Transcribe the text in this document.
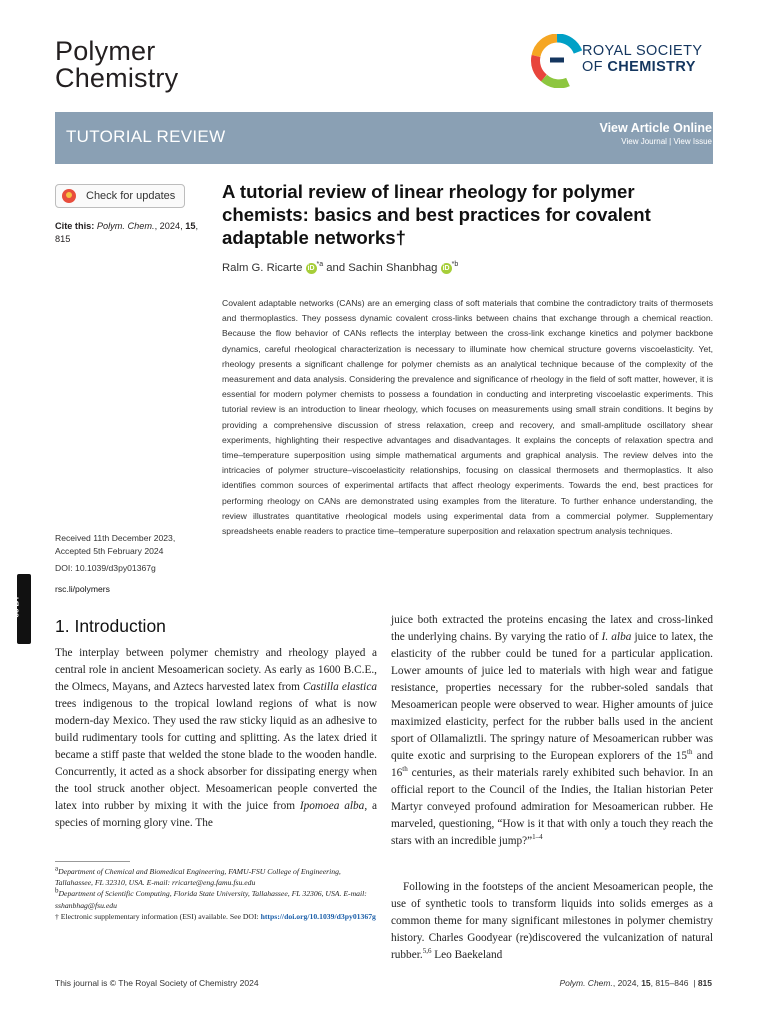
Polymer
Chemistry
ROYAL SOCIETY
OF CHEMISTRY
TUTORIAL REVIEW	View Article Online
View Journal | View Issue
Check for updates
Cite this: Polym. Chem., 2024, 15, 815
A tutorial review of linear rheology for polymer chemists: basics and best practices for covalent adaptable networks†
Ralm G. Ricarte iD $^{*a}$ and Sachin Shanbhag iD $^{*b}$
Covalent adaptable networks (CANs) are an emerging class of soft materials that combine the contradictory traits of thermosets and thermoplastics. They possess dynamic covalent cross-links between chains that exchange through a chemical reaction. Because the flow behavior of CANs reflects the interplay between the cross-link exchange kinetics and polymer backbone dynamics, careful rheological characterization is necessary to illuminate how chemical structure governs viscoelasticity. Yet, rheology presents a significant challenge for polymer chemists as an analytical technique because of the complexity of the measurement and data analysis. Considering the prevalence and significance of rheology in the field of soft matter, however, it is essential for modern polymer chemists to possess a foundation in conducting and interpreting viscoelastic experiments. This tutorial review is an introduction to linear rheology, which focuses on measurements using small strain conditions. It begins by providing a comprehensive discussion of stress relaxation, creep and recovery, and small-amplitude oscillatory shear experiments, highlighting their respective advantages and disadvantages. It explains the concepts of relaxation spectra and time–temperature superposition using simple mathematical arguments and graphical analysis. The review delves into the intricacies of polymer structure–viscoelasticity relationships, focusing on classical thermosets and thermoplastics. It also identifies common sources of experimental artifacts that affect rheology experiments. Towards the end, best practices for performing rheology on CANs are demonstrated using examples from the literature. To further enhance understanding, the review illustrates quantitative rheological models using experimental data from a commercial polymer. Supplementary spreadsheets enable readers to practice time–temperature superposition and relaxation spectrum analysis techniques.
Received 11th December 2023,
Accepted 5th February 2024
DOI: 10.1039/d3py01367g
rsc.li/polymers
cc BY
1. Introduction
The interplay between polymer chemistry and rheology played a central role in ancient Mesoamerican society. As early as 1600 B.C.E., the Olmecs, Mayans, and Aztecs harvested latex from Castilla elastica trees indigenous to the tropical lowland regions of what is now modern-day Mexico. They used the raw sticky liquid as an adhesive to build rudimentary tools for cutting and splitting. As the latex dried it became a stiff paste that welded the stone blade to the wooden handle. Concurrently, it acted as a shock absorber for dissipating energy when the tool struck another object. Mesoamerican people converted the latex into rubber by mixing it with the juice from Ipomoea alba, a species of morning glory vine. The
juice both extracted the proteins encasing the latex and cross-linked the underlying chains. By varying the ratio of I. alba juice to latex, the elasticity of the rubber could be tuned for a particular application. Lower amounts of juice led to materials with high wear and fatigue resistance, properties necessary for the rubber-soled sandals that Mesoamerican people were observed to wear. Higher amounts of juice maximized elasticity, perfect for the rubber balls used in the ancient sport of Ollamaliztli. The springy nature of Mesoamerican rubber was quite exotic and surprising to the European explorers of the 15th and 16th centuries, as their materials rarely exhibited such behavior. In an official report to the Council of the Indies, the Italian historian Peter Martyr conveyed profound admiration for Mesoamerican rubber. He marveled, questioning, “How is it that with only a touch they reach the stars with an incredible jump?”$^{1-4}$
Following in the footsteps of the ancient Mesoamerican people, the use of synthetic tools to transform liquids into solids emerges as a common theme for many significant milestones in polymer chemistry history. Charles Goodyear (re)discovered the vulcanization of natural rubber.$^{5,6}$ Leo Baekeland

$^a$Department of Chemical and Biomedical Engineering, FAMU-FSU College of Engineering, Tallahassee, FL 32310, USA. E-mail: rricarte@eng.famu.fsu.edu

$^b$Department of Scientific Computing, Florida State University, Tallahassee, FL 32306, USA. E-mail: sshanbhag@fsu.edu

† Electronic supplementary information (ESI) available. See DOI: https://doi.org/10.1039/d3py01367g

This journal is © The Royal Society of Chemistry 2024	Polym. Chem., 2024, 15, 815–846  | 815
